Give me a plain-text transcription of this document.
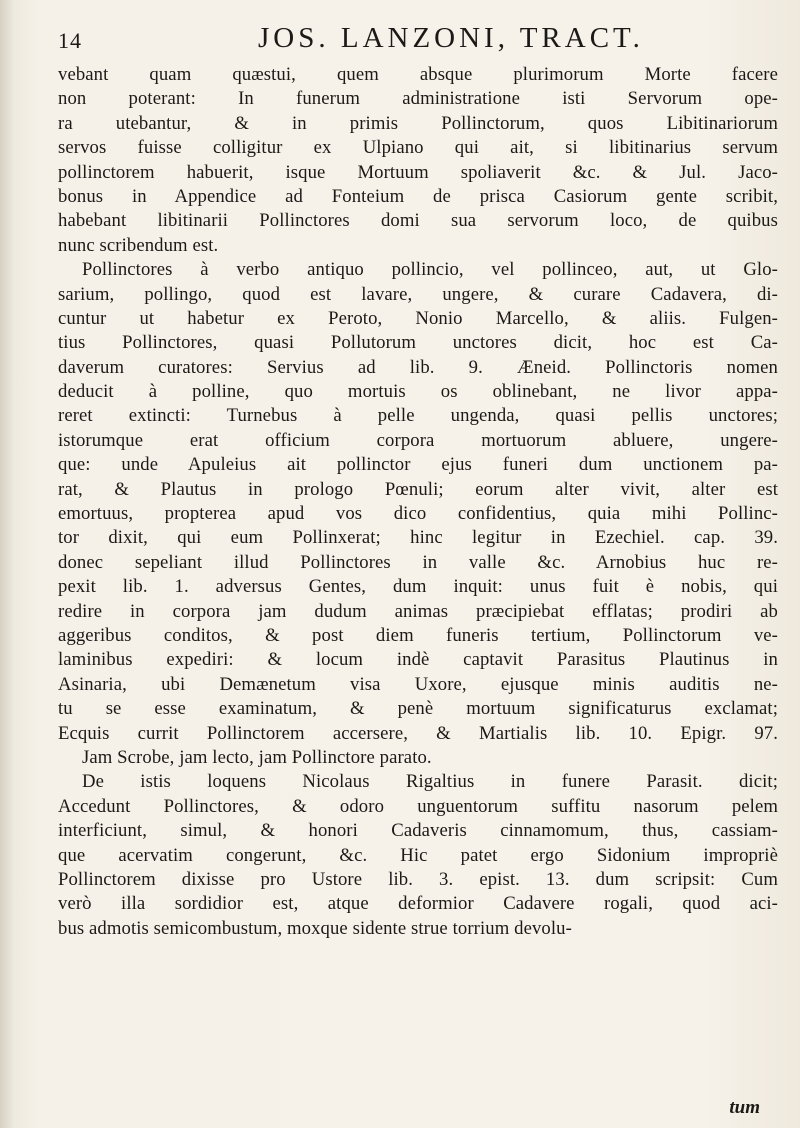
14	JOS. LANZONI, TRACT.
vebant quam quæstui, quem absque plurimorum Morte facere
non poterant: In funerum administratione isti Servorum ope-
ra utebantur, & in primis Pollinctorum, quos Libitinariorum
servos fuisse colligitur ex Ulpiano qui ait, si libitinarius servum
pollinctorem habuerit, isque Mortuum spoliaverit &c. & Jul. Jaco-
bonus in Appendice ad Fonteium de prisca Casiorum gente scribit,
habebant libitinarii Pollinctores domi sua servorum loco, de quibus
nunc scribendum est.
Pollinctores à verbo antiquo pollincio, vel pollinceo, aut, ut Glo-
sarium, pollingo, quod est lavare, ungere, & curare Cadavera, di-
cuntur ut habetur ex Peroto, Nonio Marcello, & aliis. Fulgen-
tius Pollinctores, quasi Pollutorum unctores dicit, hoc est Ca-
daverum curatores: Servius ad lib. 9. Æneid. Pollinctoris nomen
deducit à polline, quo mortuis os oblinebant, ne livor appa-
reret extincti: Turnebus à pelle ungenda, quasi pellis unctores;
istorumque erat officium corpora mortuorum abluere, ungere-
que: unde Apuleius ait pollinctor ejus funeri dum unctionem pa-
rat, & Plautus in prologo Pœnuli; eorum alter vivit, alter est
emortuus, propterea apud vos dico confidentius, quia mihi Pollinc-
tor dixit, qui eum Pollinxerat; hinc legitur in Ezechiel. cap. 39.
donec sepeliant illud Pollinctores in valle &c. Arnobius huc re-
pexit lib. 1. adversus Gentes, dum inquit: unus fuit è nobis, qui
redire in corpora jam dudum animas præcipiebat efflatas; prodiri ab
aggeribus conditos, & post diem funeris tertium, Pollinctorum ve-
laminibus expediri: & locum indè captavit Parasitus Plautinus in
Asinaria, ubi Demænetum visa Uxore, ejusque minis auditis ne-
tu se esse examinatum, & penè mortuum significaturus exclamat;
Ecquis currit Pollinctorem accersere, & Martialis lib. 10. Epigr. 97.
Jam Scrobe, jam lecto, jam Pollinctore parato.
De istis loquens Nicolaus Rigaltius in funere Parasit. dicit;
Accedunt Pollinctores, & odoro unguentorum suffitu nasorum pelem
interficiunt, simul, & honori Cadaveris cinnamomum, thus, cassiam-
que acervatim congerunt, &c. Hic patet ergo Sidonium impropriè
Pollinctorem dixisse pro Ustore lib. 3. epist. 13. dum scripsit: Cum
verò illa sordidior est, atque deformior Cadavere rogali, quod aci-
bus admotis semicombustum, moxque sidente strue torrium devolu-
tum
